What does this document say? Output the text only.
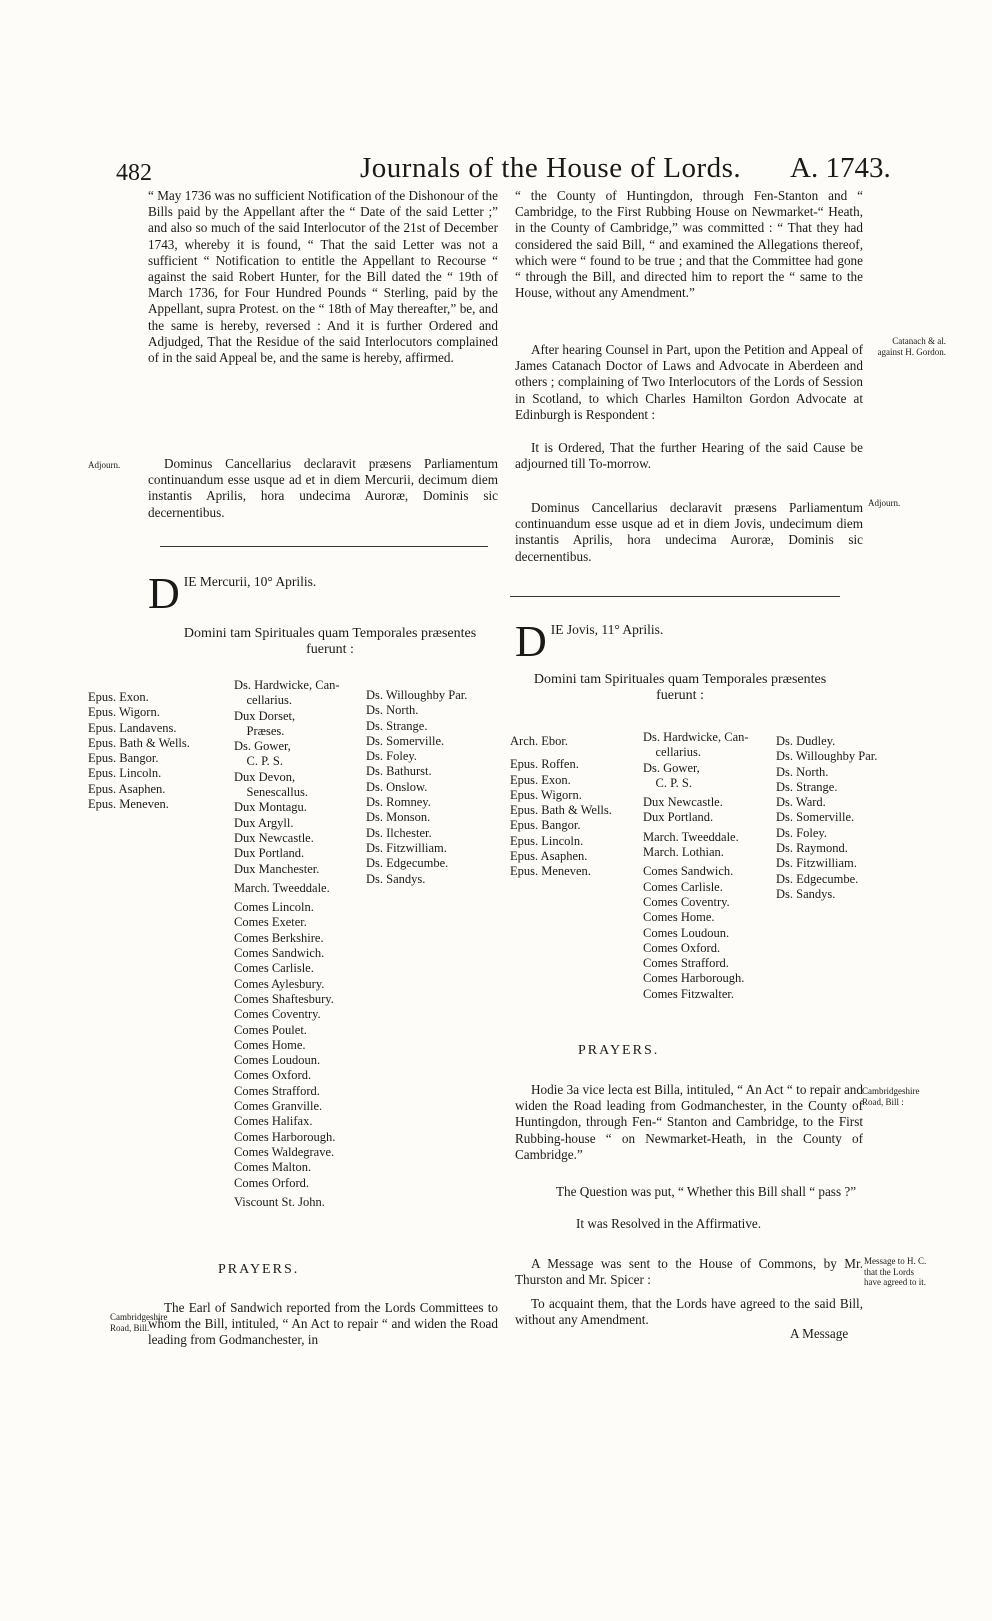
482	Journals of the House of Lords. A. 1743.

“ May 1736 was no sufficient Notification of the Dishonour of the Bills paid by the Appellant after the “ Date of the said Letter ;” and also so much of the said Interlocutor of the 21st of December 1743, whereby it is found, “ That the said Letter was not a sufficient “ Notification to entitle the Appellant to Recourse “ against the said Robert Hunter, for the Bill dated the “ 19th of March 1736, for Four Hundred Pounds “ Sterling, paid by the Appellant, supra Protest. on the “ 18th of May thereafter,” be, and the same is hereby, reversed : And it is further Ordered and Adjudged, That the Residue of the said Interlocutors complained of in the said Appeal be, and the same is hereby, affirmed.

Adjourn.	Dominus Cancellarius declaravit præsens Parliamentum continuandum esse usque ad et in diem Mercurii, decimum diem instantis Aprilis, hora undecima Auroræ, Dominis sic decernentibus.
D IE Mercurii, 10° Aprilis.
Domini tam Spirituales quam Temporales præsentes fuerunt :
Epus. Exon.
Epus. Wigorn.
Epus. Landavens.
Epus. Bath & Wells.
Epus. Bangor.
Epus. Lincoln.
Epus. Asaphen.
Epus. Meneven.
Ds. Hardwicke, Can-
cellarius.
Dux Dorset,
Præses.
Ds. Gower,
C. P. S.
Dux Devon,
Senescallus.
Dux Montagu.
Dux Argyll.
Dux Newcastle.
Dux Portland.
Dux Manchester.
March. Tweeddale.
Comes Lincoln.
Comes Exeter.
Comes Berkshire.
Comes Sandwich.
Comes Carlisle.
Comes Aylesbury.
Comes Shaftesbury.
Comes Coventry.
Comes Poulet.
Comes Home.
Comes Loudoun.
Comes Oxford.
Comes Strafford.
Comes Granville.
Comes Halifax.
Comes Harborough.
Comes Waldegrave.
Comes Malton.
Comes Orford.
Viscount St. John.
Ds. Willoughby Par.
Ds. North.
Ds. Strange.
Ds. Somerville.
Ds. Foley.
Ds. Bathurst.
Ds. Onslow.
Ds. Romney.
Ds. Monson.
Ds. Ilchester.
Ds. Fitzwilliam.
Ds. Edgecumbe.
Ds. Sandys.
PRAYERS.
Cambridgeshire Road, Bill.
The Earl of Sandwich reported from the Lords Committees to whom the Bill, intituled, “ An Act to repair “ and widen the Road leading from Godmanchester, in
“ the County of Huntingdon, through Fen-Stanton and “ Cambridge, to the First Rubbing House on Newmarket-“ Heath, in the County of Cambridge,” was committed : “ That they had considered the said Bill, “ and examined the Allegations thereof, which were “ found to be true ; and that the Committee had gone “ through the Bill, and directed him to report the “ same to the House, without any Amendment.”
Catanach & al. against H. Gordon.
After hearing Counsel in Part, upon the Petition and Appeal of James Catanach Doctor of Laws and Advocate in Aberdeen and others ; complaining of Two Interlocutors of the Lords of Session in Scotland, to which Charles Hamilton Gordon Advocate at Edinburgh is Respondent :
It is Ordered, That the further Hearing of the said Cause be adjourned till To-morrow.
Adjourn.
Dominus Cancellarius declaravit præsens Parliamentum continuandum esse usque ad et in diem Jovis, undecimum diem instantis Aprilis, hora undecima Auroræ, Dominis sic decernentibus.
D IE Jovis, 11° Aprilis.
Domini tam Spirituales quam Temporales præsentes fuerunt :
Arch. Ebor.
Epus. Roffen.
Epus. Exon.
Epus. Wigorn.
Epus. Bath & Wells.
Epus. Bangor.
Epus. Lincoln.
Epus. Asaphen.
Epus. Meneven.
Ds. Hardwicke, Can-
cellarius.
Ds. Gower,
C. P. S.
Dux Newcastle.
Dux Portland.
March. Tweeddale.
March. Lothian.
Comes Sandwich.
Comes Carlisle.
Comes Coventry.
Comes Home.
Comes Loudoun.
Comes Oxford.
Comes Strafford.
Comes Harborough.
Comes Fitzwalter.
Ds. Dudley.
Ds. Willoughby Par.
Ds. North.
Ds. Strange.
Ds. Ward.
Ds. Somerville.
Ds. Foley.
Ds. Raymond.
Ds. Fitzwilliam.
Ds. Edgecumbe.
Ds. Sandys.
PRAYERS.
Cambridgeshire Road, Bill :
Hodie 3a vice lecta est Billa, intituled, “ An Act “ to repair and widen the Road leading from Godmanchester, in the County of Huntingdon, through Fen-“ Stanton and Cambridge, to the First Rubbing-house “ on Newmarket-Heath, in the County of Cambridge.”
The Question was put, “ Whether this Bill shall “ pass ?”
It was Resolved in the Affirmative.
Message to H. C. that the Lords have agreed to it.
A Message was sent to the House of Commons, by Mr. Thurston and Mr. Spicer :
To acquaint them, that the Lords have agreed to the said Bill, without any Amendment.
A Message
